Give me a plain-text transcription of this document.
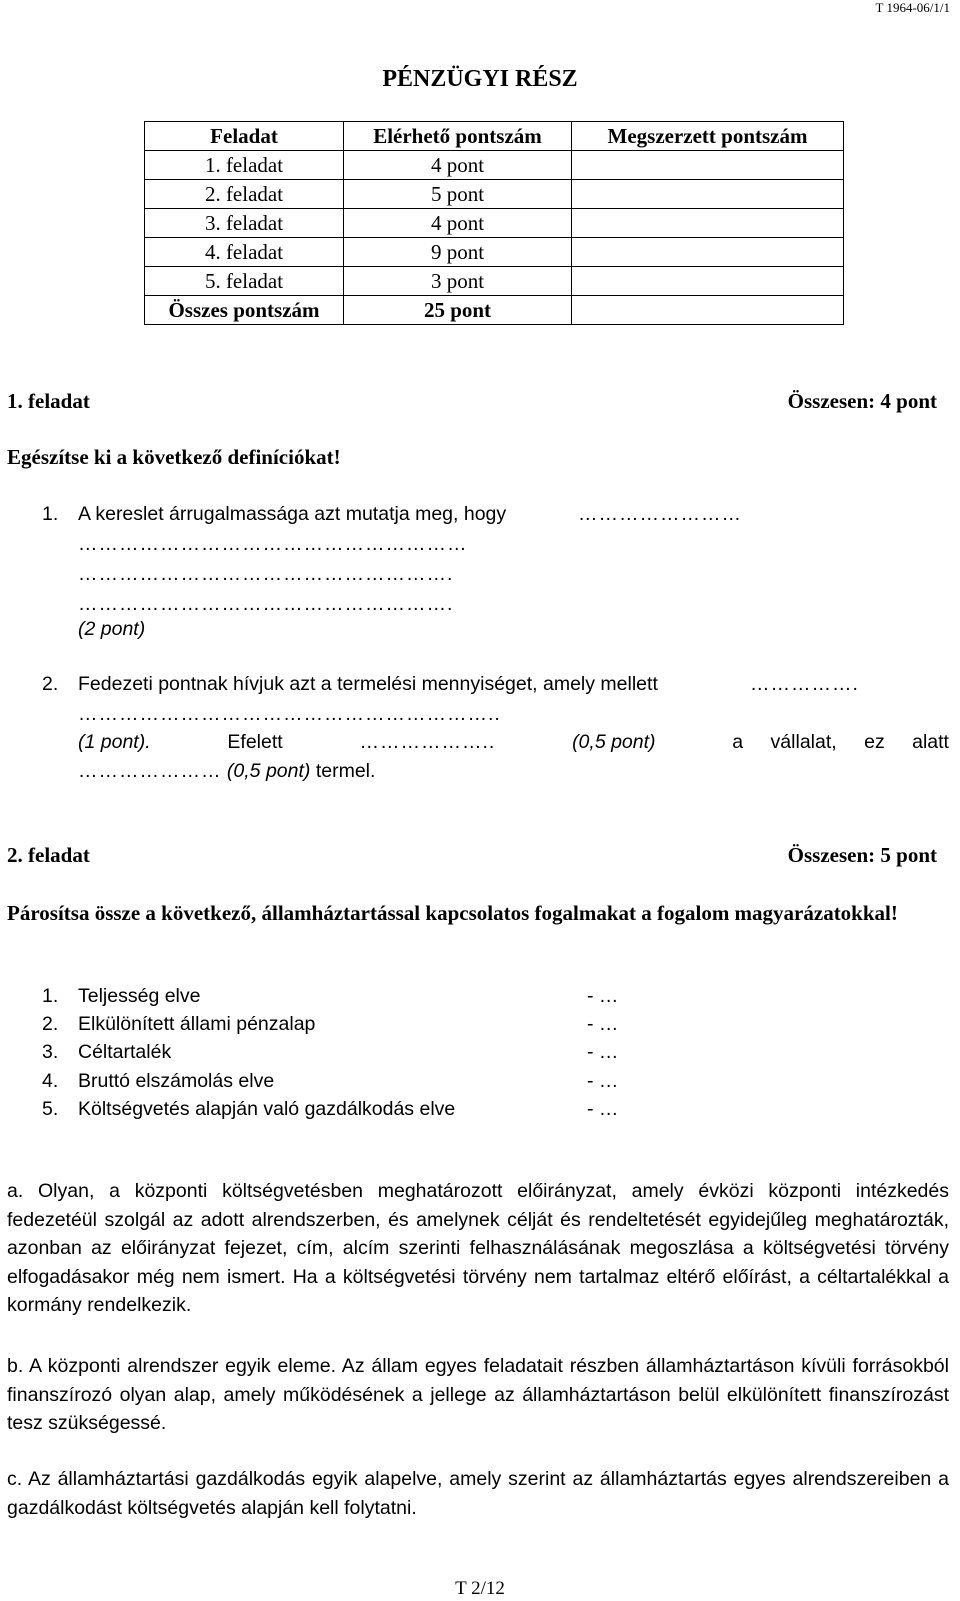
T 1964-06/1/1
PÉNZÜGYI RÉSZ
Feladat	Elérhető pontszám	Megszerzett pontszám
1. feladat	4 pont	
2. feladat	5 pont	
3. feladat	4 pont	
4. feladat	9 pont	
5. feladat	3 pont	
Összes pontszám	25 pont	
1. feladat	Összesen: 4 pont
Egészítse ki a következő definíciókat!
1. A kereslet árrugalmassága azt mutatja meg, hogy	……………………
…………………………………………………
……………………………………………….
……………………………………………….
(2 pont)
2. Fedezeti pontnak hívjuk azt a termelési mennyiséget, amely mellett	…………….
……………………………………………………..
(1 pont).	Efelett	………………..	(0,5 pont)	a vállalat, ez alatt
………………… (0,5 pont) termel.
2. feladat	Összesen: 5 pont
Párosítsa össze a következő, államháztartással kapcsolatos fogalmakat a fogalom magyarázatokkal!
1. Teljesség elve	- …
2. Elkülönített állami pénzalap	- …
3. Céltartalék	- …
4. Bruttó elszámolás elve	- …
5. Költségvetés alapján való gazdálkodás elve	- …
a. Olyan, a központi költségvetésben meghatározott előirányzat, amely évközi központi intézkedés fedezetéül szolgál az adott alrendszerben, és amelynek célját és rendeltetését egyidejűleg meghatározták, azonban az előirányzat fejezet, cím, alcím szerinti felhasználásának megoszlása a költségvetési törvény elfogadásakor még nem ismert. Ha a költségvetési törvény nem tartalmaz eltérő előírást, a céltartalékkal a kormány rendelkezik.
b. A központi alrendszer egyik eleme. Az állam egyes feladatait részben államháztartáson kívüli forrásokból finanszírozó olyan alap, amely működésének a jellege az államháztartáson belül elkülönített finanszírozást tesz szükségessé.
c. Az államháztartási gazdálkodás egyik alapelve, amely szerint az államháztartás egyes alrendszereiben a gazdálkodást költségvetés alapján kell folytatni.
T 2/12
